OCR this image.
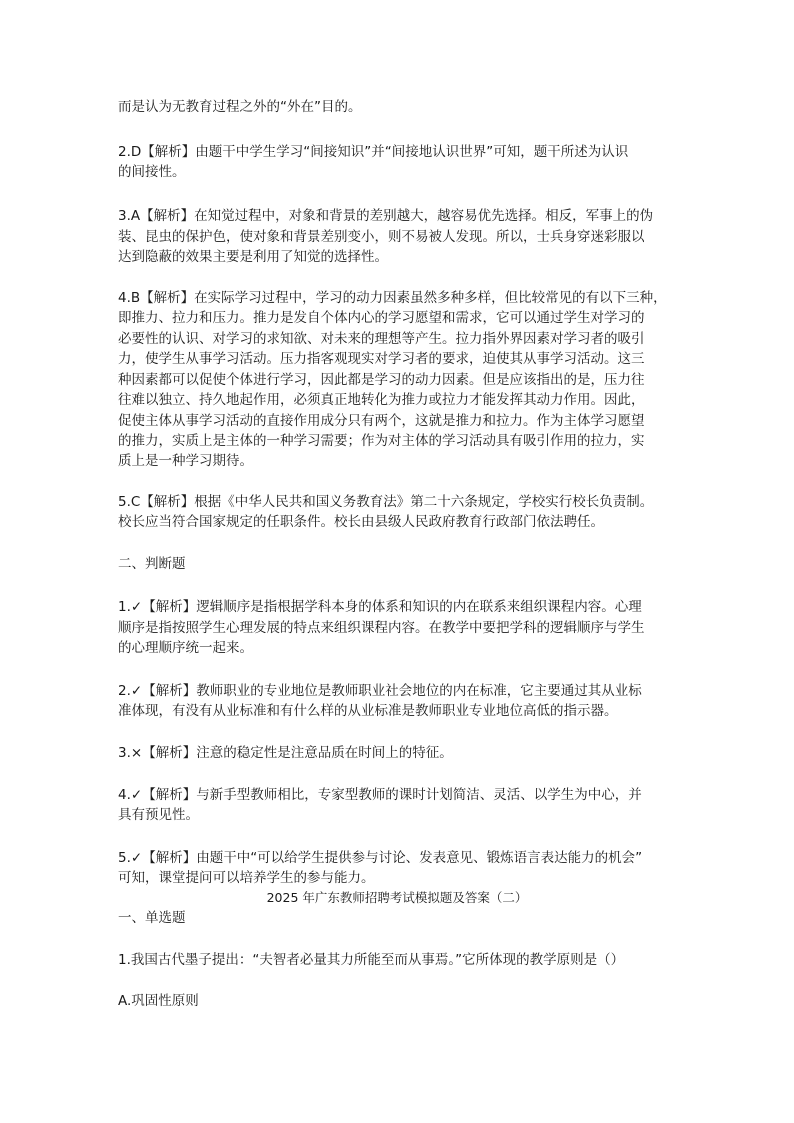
而是认为无教育过程之外的“外在”目的。
2.D【解析】由题干中学生学习“间接知识”并“间接地认识世界”可知，题干所述为认识
的间接性。
3.A【解析】在知觉过程中，对象和背景的差别越大，越容易优先选择。相反，军事上的伪
装、昆虫的保护色，使对象和背景差别变小，则不易被人发现。所以，士兵身穿迷彩服以
达到隐蔽的效果主要是利用了知觉的选择性。
4.B【解析】在实际学习过程中，学习的动力因素虽然多种多样，但比较常见的有以下三种，
即推力、拉力和压力。推力是发自个体内心的学习愿望和需求，它可以通过学生对学习的
必要性的认识、对学习的求知欲、对未来的理想等产生。拉力指外界因素对学习者的吸引
力，使学生从事学习活动。压力指客观现实对学习者的要求，迫使其从事学习活动。这三
种因素都可以促使个体进行学习，因此都是学习的动力因素。但是应该指出的是，压力往
往难以独立、持久地起作用，必须真正地转化为推力或拉力才能发挥其动力作用。因此，
促使主体从事学习活动的直接作用成分只有两个，这就是推力和拉力。作为主体学习愿望
的推力，实质上是主体的一种学习需要；作为对主体的学习活动具有吸引作用的拉力，实
质上是一种学习期待。
5.C【解析】根据《中华人民共和国义务教育法》第二十六条规定，学校实行校长负责制。
校长应当符合国家规定的任职条件。校长由县级人民政府教育行政部门依法聘任。
二、判断题
1.✓【解析】逻辑顺序是指根据学科本身的体系和知识的内在联系来组织课程内容。心理
顺序是指按照学生心理发展的特点来组织课程内容。在教学中要把学科的逻辑顺序与学生
的心理顺序统一起来。
2.✓【解析】教师职业的专业地位是教师职业社会地位的内在标准，它主要通过其从业标
准体现，有没有从业标准和有什么样的从业标准是教师职业专业地位高低的指示器。
3.×【解析】注意的稳定性是注意品质在时间上的特征。
4.✓【解析】与新手型教师相比，专家型教师的课时计划简洁、灵活、以学生为中心，并
具有预见性。
5.✓【解析】由题干中“可以给学生提供参与讨论、发表意见、锻炼语言表达能力的机会”
可知，课堂提问可以培养学生的参与能力。
2025 年广东教师招聘考试模拟题及答案（二）
一、单选题
1.我国古代墨子提出：“夫智者必量其力所能至而从事焉。”它所体现的教学原则是（）
A.巩固性原则
